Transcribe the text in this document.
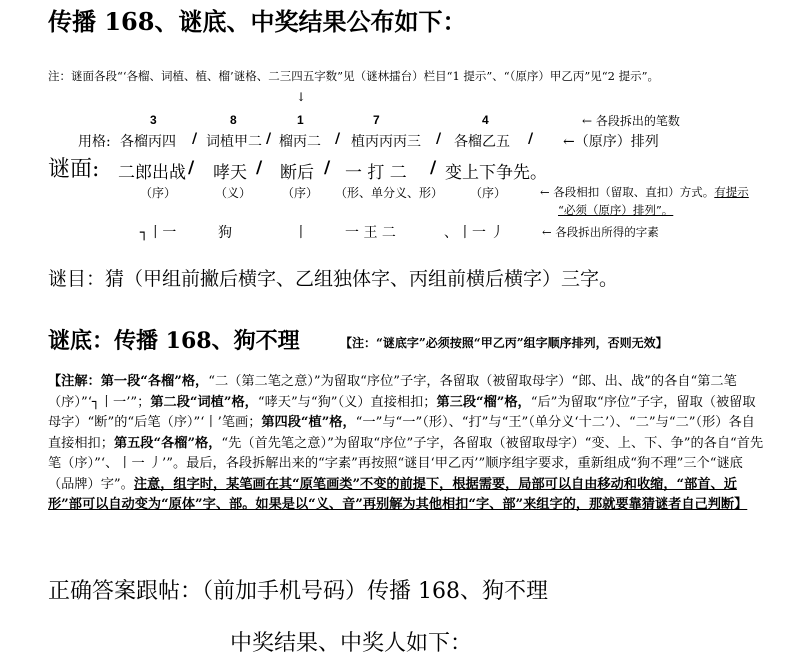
传播 168、谜底、中奖结果公布如下：
注：谜面各段“‘各榴、词植、植、榴’谜格、二三四五字数”见（谜林擂台）栏目“1 提示”、“（原序）甲乙丙”见“2 提示”。
↓
3	8	1	7	4	← 各段拆出的笔数
用格: 各榴丙四 / 词植甲二 / 榴丙二 / 植丙丙丙三 / 各榴乙五 / ←（原序）排列
谜面: 二郎出战 / 哮天 / 断后 / 一 打 二 / 变上下争先。
（序）	（义）	（序） （形、单分义、形） （序）	← 各段相扣（留取、直扣）方式。有提示
“必须（原序）排列”。
┐丨一	狗	丨	一 王 二	、丨一 丿	← 各段拆出所得的字素
谜目：猜（甲组前撇后横字、乙组独体字、丙组前横后横字）三字。
谜底：传播 168、狗不理	【注：“谜底字”必须按照“甲乙丙”组字顺序排列，否则无效】
【注解：第一段“各榴”格，“二（第二笔之意）”为留取“序位”子字，各留取（被留取母字）“郎、出、战”的各自“第二笔（序）”‘┐丨一’”；第二段“词植”格，“哮天”与“狗”（义）直接相扣；第三段“榴”格，“后”为留取“序位”子字，留取（被留取母字）“断”的“后笔（序）”‘丨’笔画；第四段“植”格，“一”与“一”（形）、“打”与“王”（单分义‘十二’）、“二”与“二”（形）各自直接相扣；第五段“各榴”格，“先（首先笔之意）”为留取“序位”子字，各留取（被留取母字）“变、上、下、争”的各自“首先笔（序）”‘、丨一 丿’”。最后，各段拆解出来的“字素”再按照“谜目‘甲乙丙’”顺序组字要求，重新组成“狗不理”三个“谜底（品牌）字”。注意，组字时，某笔画在其“原笔画类”不变的前提下，根据需要，局部可以自由移动和收缩，“部首、近形”部可以自动变为“原体”字、部。如果是以“义、音”再别解为其他相扣“字、部”来组字的，那就要靠猜谜者自己判断】
正确答案跟帖：（前加手机号码）传播 168、狗不理
中奖结果、中奖人如下：
